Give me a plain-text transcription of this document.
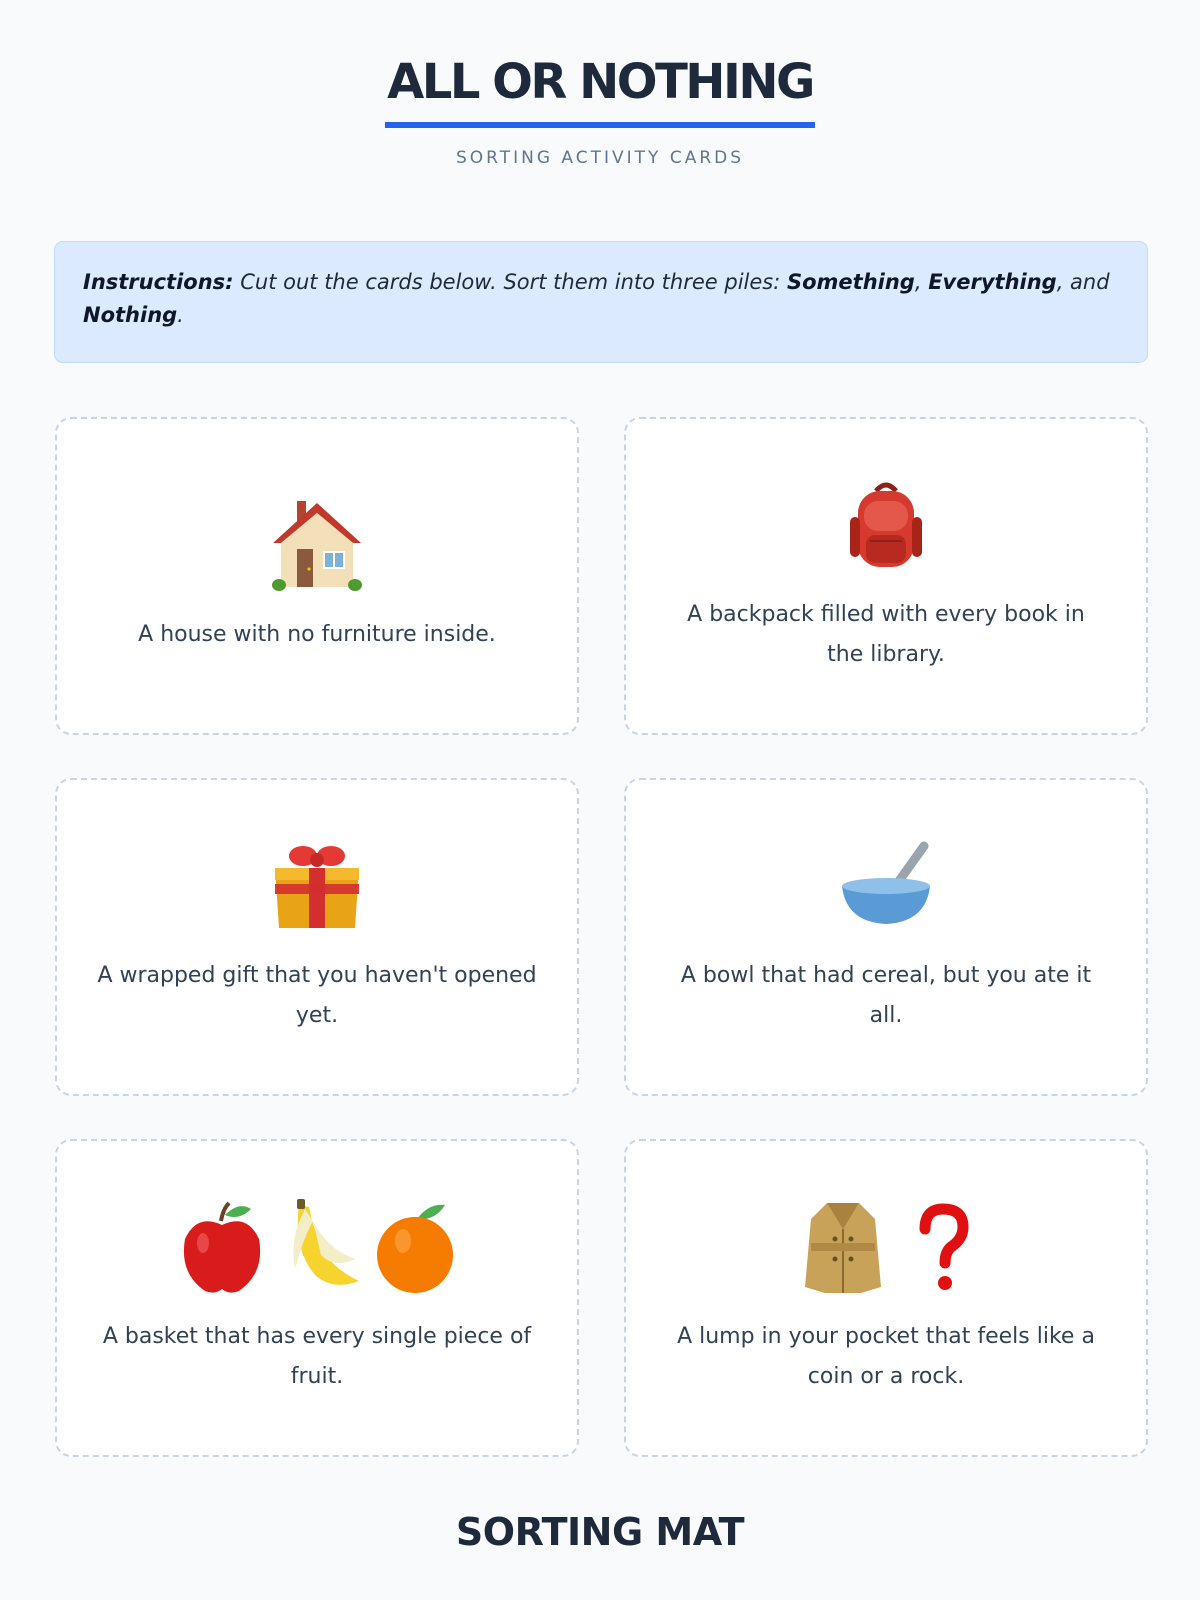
ALL OR NOTHING
SORTING ACTIVITY CARDS
Instructions: Cut out the cards below. Sort them into three piles: Something, Everything, and Nothing.
A house with no furniture inside.
A backpack filled with every book in the library.
A wrapped gift that you haven't opened yet.
A bowl that had cereal, but you ate it all.
A basket that has every single piece of fruit.
A lump in your pocket that feels like a coin or a rock.
SORTING MAT
